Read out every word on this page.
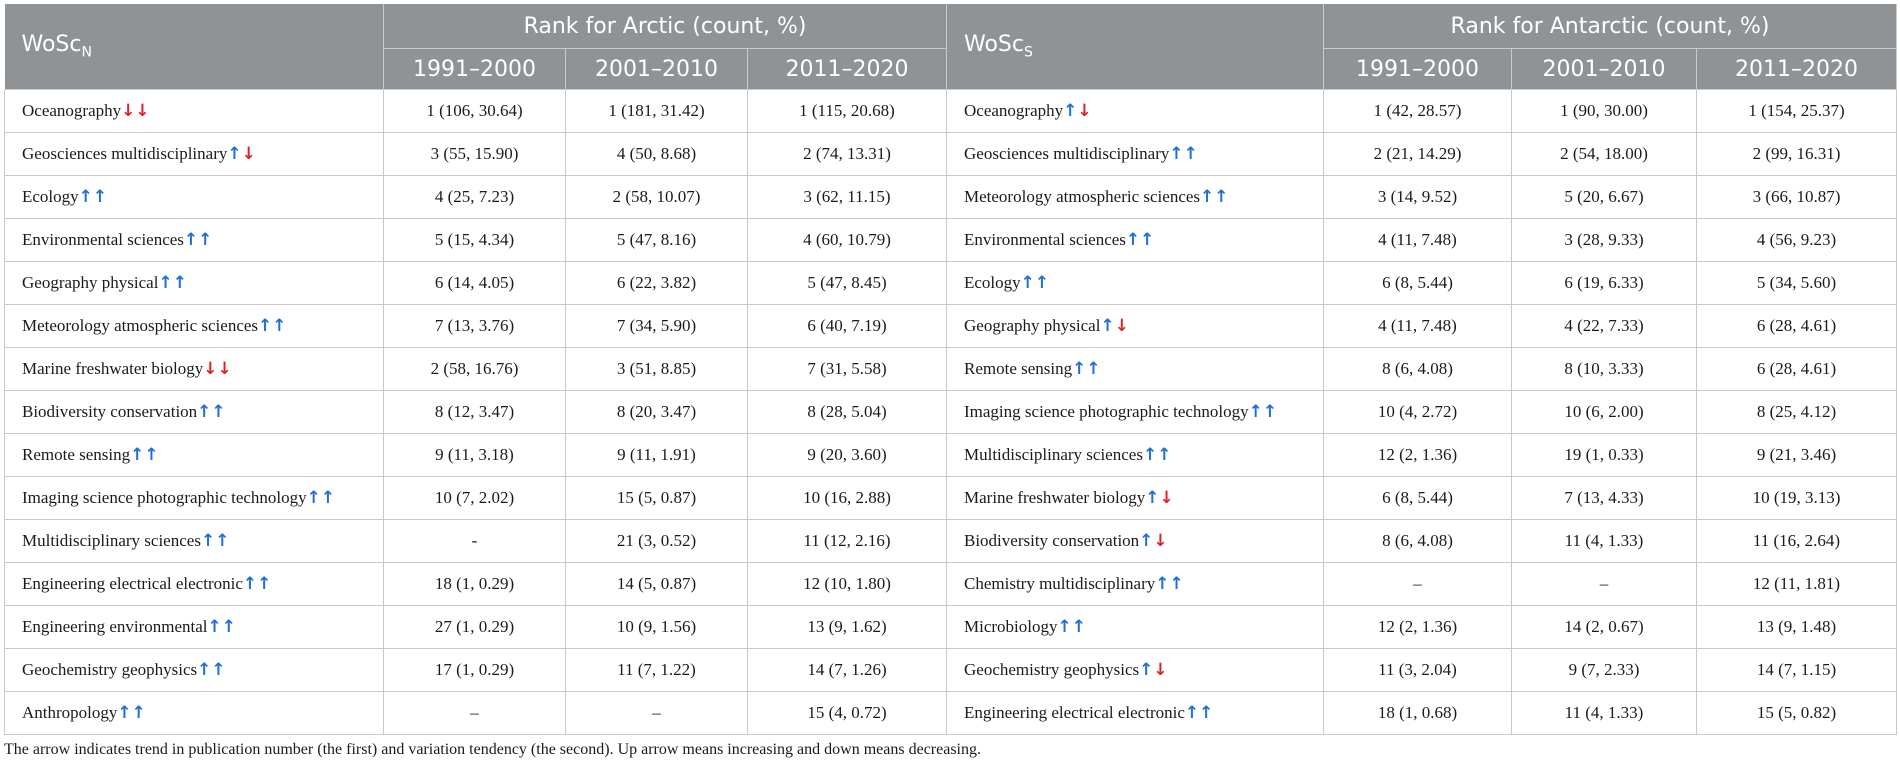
WoSc$_N$	Rank for Arctic (count, %)			WoSc$_S$	Rank for Antarctic (count, %)		
	1991–2000	2001–2010	2011–2020		1991–2000	2001–2010	2011–2020
Oceanography↓↓	1 (106, 30.64)	1 (181, 31.42)	1 (115, 20.68)	Oceanography↑↓	1 (42, 28.57)	1 (90, 30.00)	1 (154, 25.37)
Geosciences multidisciplinary↑↓	3 (55, 15.90)	4 (50, 8.68)	2 (74, 13.31)	Geosciences multidisciplinary↑↑	2 (21, 14.29)	2 (54, 18.00)	2 (99, 16.31)
Ecology↑↑	4 (25, 7.23)	2 (58, 10.07)	3 (62, 11.15)	Meteorology atmospheric sciences↑↑	3 (14, 9.52)	5 (20, 6.67)	3 (66, 10.87)
Environmental sciences↑↑	5 (15, 4.34)	5 (47, 8.16)	4 (60, 10.79)	Environmental sciences↑↑	4 (11, 7.48)	3 (28, 9.33)	4 (56, 9.23)
Geography physical↑↑	6 (14, 4.05)	6 (22, 3.82)	5 (47, 8.45)	Ecology↑↑	6 (8, 5.44)	6 (19, 6.33)	5 (34, 5.60)
Meteorology atmospheric sciences↑↑	7 (13, 3.76)	7 (34, 5.90)	6 (40, 7.19)	Geography physical↑↓	4 (11, 7.48)	4 (22, 7.33)	6 (28, 4.61)
Marine freshwater biology↓↓	2 (58, 16.76)	3 (51, 8.85)	7 (31, 5.58)	Remote sensing↑↑	8 (6, 4.08)	8 (10, 3.33)	6 (28, 4.61)
Biodiversity conservation↑↑	8 (12, 3.47)	8 (20, 3.47)	8 (28, 5.04)	Imaging science photographic technology↑↑	10 (4, 2.72)	10 (6, 2.00)	8 (25, 4.12)
Remote sensing↑↑	9 (11, 3.18)	9 (11, 1.91)	9 (20, 3.60)	Multidisciplinary sciences↑↑	12 (2, 1.36)	19 (1, 0.33)	9 (21, 3.46)
Imaging science photographic technology↑↑	10 (7, 2.02)	15 (5, 0.87)	10 (16, 2.88)	Marine freshwater biology↑↓	6 (8, 5.44)	7 (13, 4.33)	10 (19, 3.13)
Multidisciplinary sciences↑↑	-	21 (3, 0.52)	11 (12, 2.16)	Biodiversity conservation↑↓	8 (6, 4.08)	11 (4, 1.33)	11 (16, 2.64)
Engineering electrical electronic↑↑	18 (1, 0.29)	14 (5, 0.87)	12 (10, 1.80)	Chemistry multidisciplinary↑↑	–	–	12 (11, 1.81)
Engineering environmental↑↑	27 (1, 0.29)	10 (9, 1.56)	13 (9, 1.62)	Microbiology↑↑	12 (2, 1.36)	14 (2, 0.67)	13 (9, 1.48)
Geochemistry geophysics↑↑	17 (1, 0.29)	11 (7, 1.22)	14 (7, 1.26)	Geochemistry geophysics↑↓	11 (3, 2.04)	9 (7, 2.33)	14 (7, 1.15)
Anthropology↑↑	–	–	15 (4, 0.72)	Engineering electrical electronic↑↑	18 (1, 0.68)	11 (4, 1.33)	15 (5, 0.82)
The arrow indicates trend in publication number (the first) and variation tendency (the second). Up arrow means increasing and down means decreasing.
